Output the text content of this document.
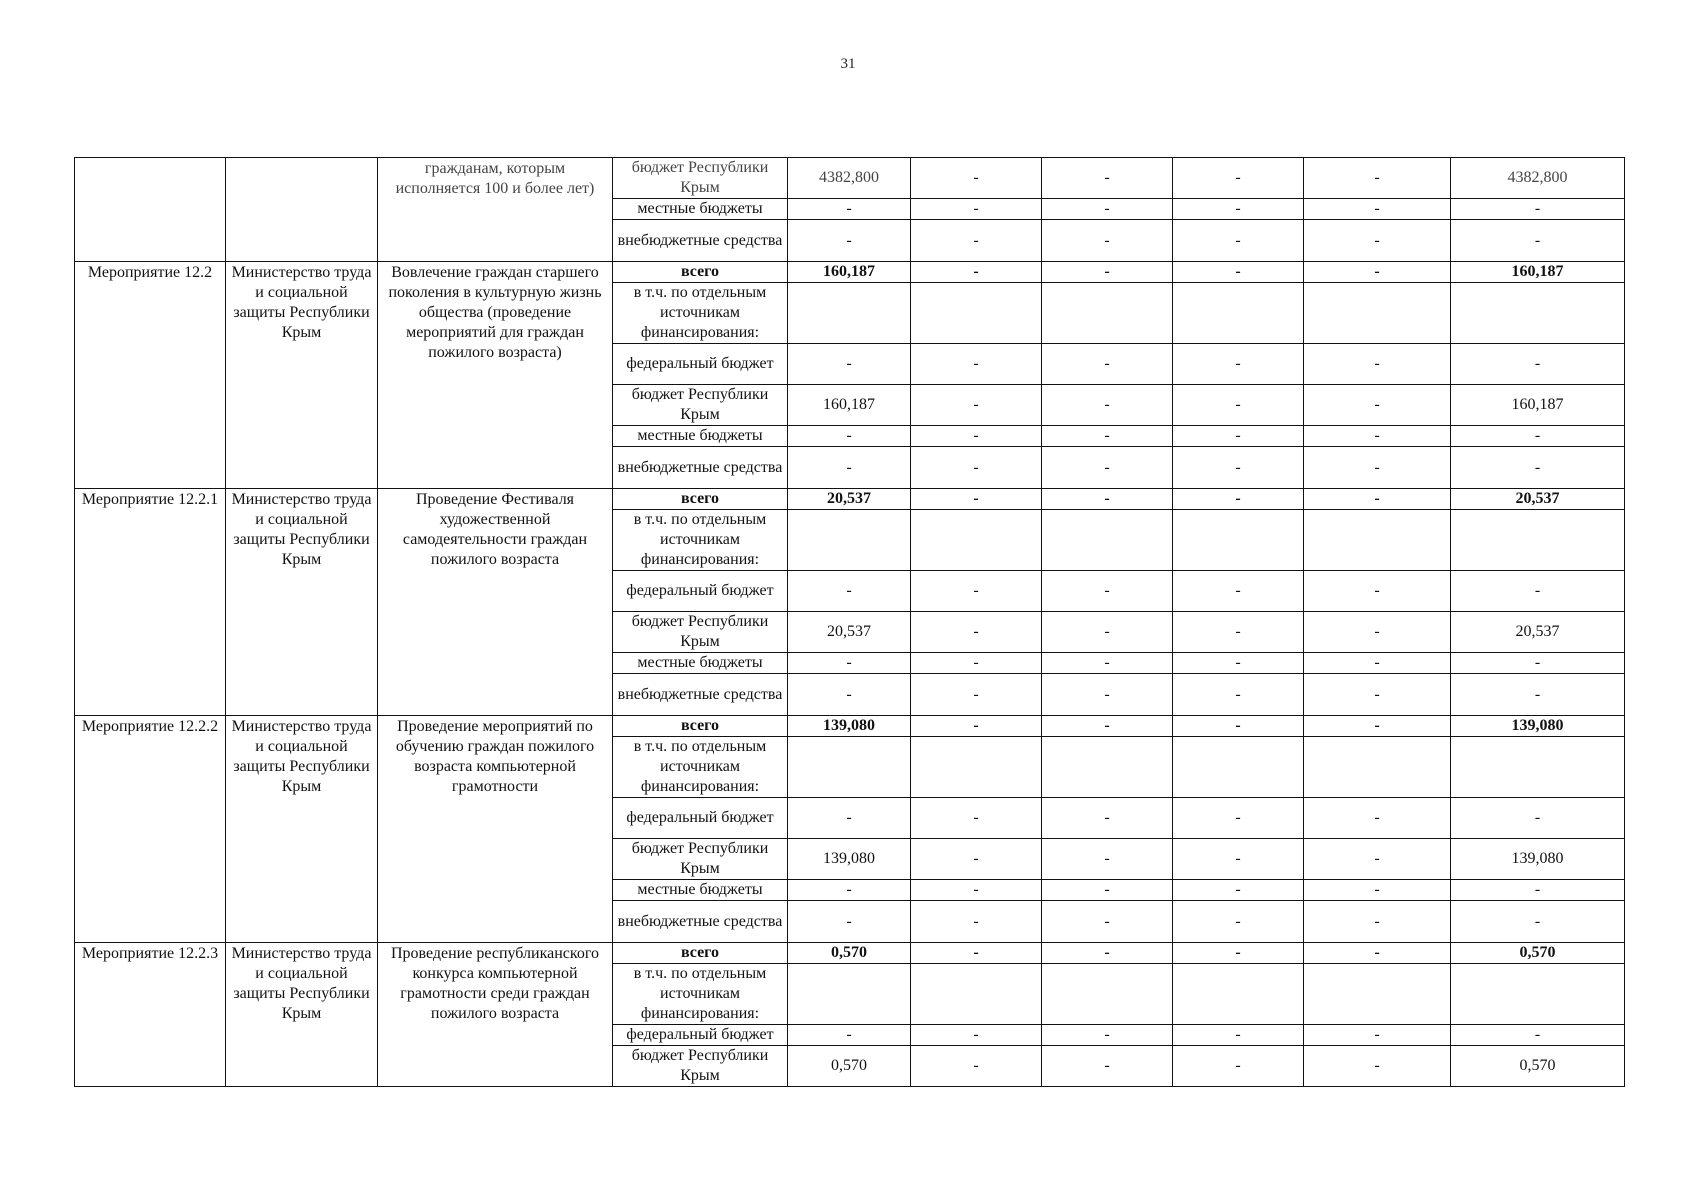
31
		гражданам, которым исполняется 100 и более лет)	бюджет Республики Крым	4382,800	-	-	-	-	4382,800
			местные бюджеты	-	-	-	-	-	-
			внебюджетные средства	-	-	-	-	-	-
Мероприятие 12.2	Министерство труда и социальной защиты Республики Крым	Вовлечение граждан старшего поколения в культурную жизнь общества (проведение мероприятий для граждан пожилого возраста)	всего	160,187	-	-	-	-	160,187
			в т.ч. по отдельным источникам финансирования:						
			федеральный бюджет	-	-	-	-	-	-
			бюджет Республики Крым	160,187	-	-	-	-	160,187
			местные бюджеты	-	-	-	-	-	-
			внебюджетные средства	-	-	-	-	-	-
Мероприятие 12.2.1	Министерство труда и социальной защиты Республики Крым	Проведение Фестиваля художественной самодеятельности граждан пожилого возраста	всего	20,537	-	-	-	-	20,537
			в т.ч. по отдельным источникам финансирования:						
			федеральный бюджет	-	-	-	-	-	-
			бюджет Республики Крым	20,537	-	-	-	-	20,537
			местные бюджеты	-	-	-	-	-	-
			внебюджетные средства	-	-	-	-	-	-
Мероприятие 12.2.2	Министерство труда и социальной защиты Республики Крым	Проведение мероприятий по обучению граждан пожилого возраста компьютерной грамотности	всего	139,080	-	-	-	-	139,080
			в т.ч. по отдельным источникам финансирования:						
			федеральный бюджет	-	-	-	-	-	-
			бюджет Республики Крым	139,080	-	-	-	-	139,080
			местные бюджеты	-	-	-	-	-	-
			внебюджетные средства	-	-	-	-	-	-
Мероприятие 12.2.3	Министерство труда и социальной защиты Республики Крым	Проведение республиканского конкурса компьютерной грамотности среди граждан пожилого возраста	всего	0,570	-	-	-	-	0,570
			в т.ч. по отдельным источникам финансирования:						
			федеральный бюджет	-	-	-	-	-	-
			бюджет Республики Крым	0,570	-	-	-	-	0,570
